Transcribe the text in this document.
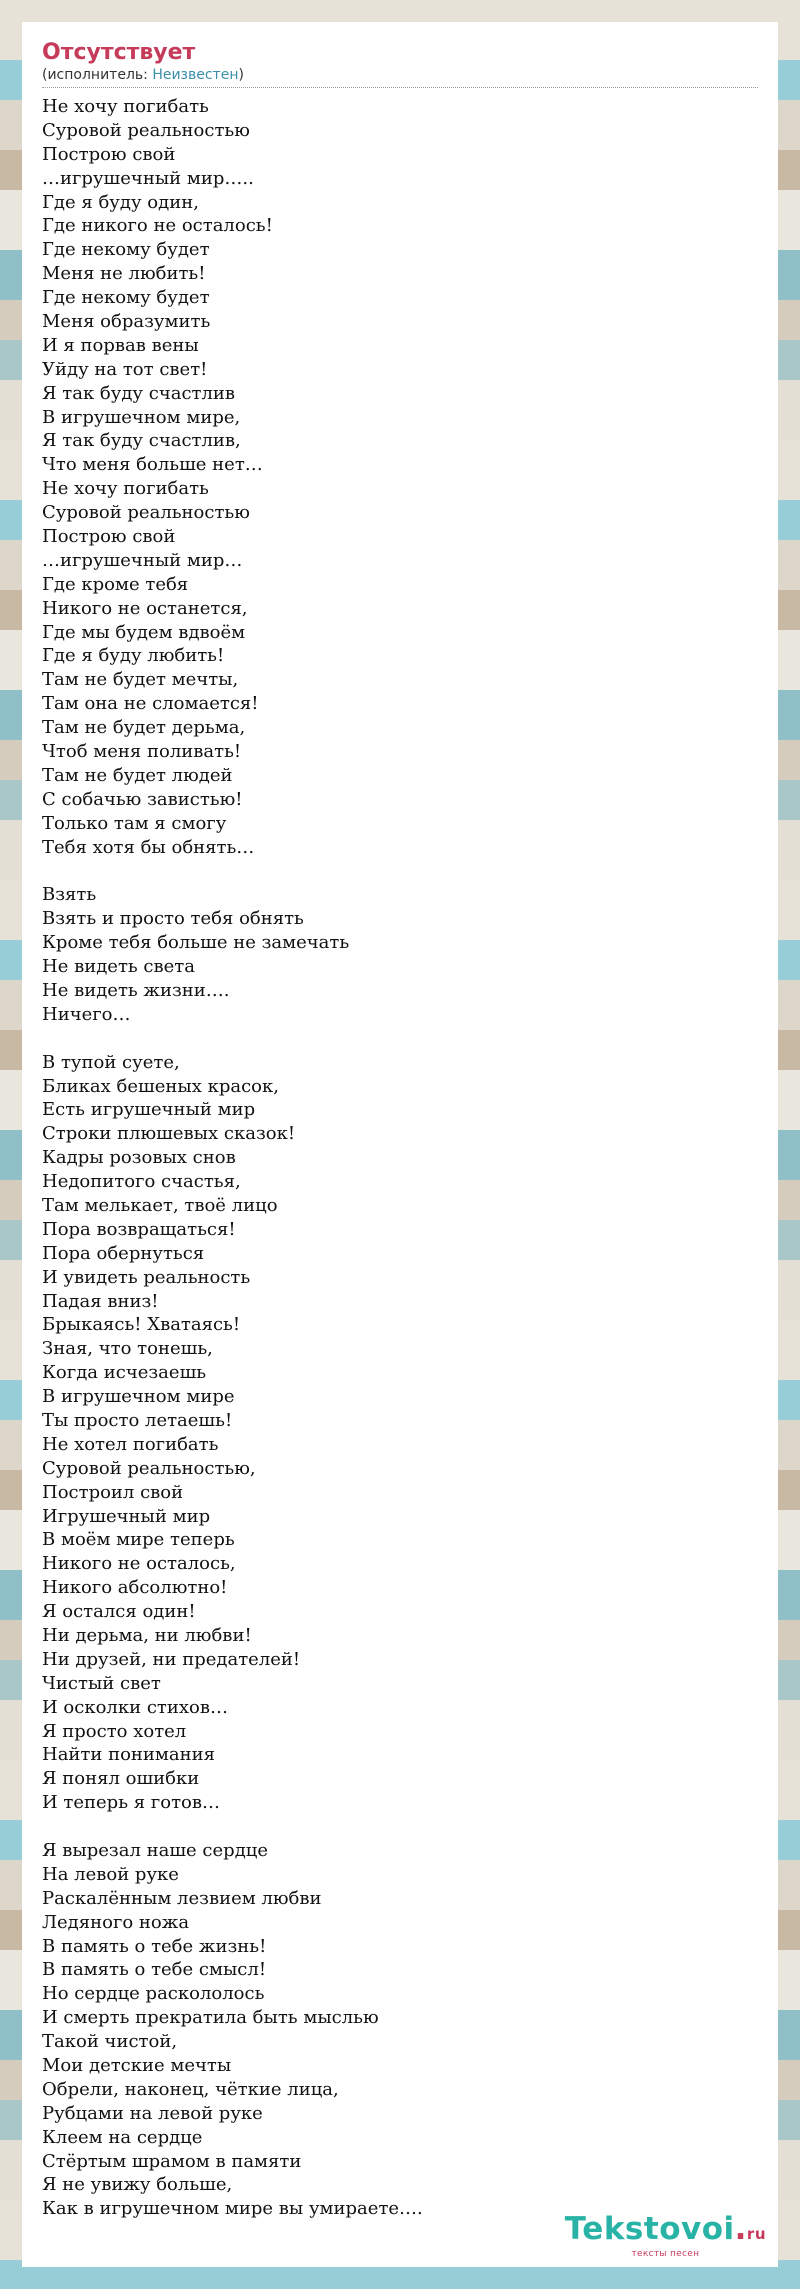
Отсутствует
(исполнитель: Неизвестен)
Не хочу погибать
Суровой реальностью
Построю свой
…игрушечный мир…..
Где я буду один,
Где никого не осталось!
Где некому будет
Меня не любить!
Где некому будет
Меня образумить
И я порвав вены
Уйду на тот свет!
Я так буду счастлив
В игрушечном мире,
Я так буду счастлив,
Что меня больше нет…
Не хочу погибать
Суровой реальностью
Построю свой
…игрушечный мир…
Где кроме тебя
Никого не останется,
Где мы будем вдвоём
Где я буду любить!
Там не будет мечты,
Там она не сломается!
Там не будет дерьма,
Чтоб меня поливать!
Там не будет людей
С собачью завистью!
Только там я смогу
Тебя хотя бы обнять…
Взять
Взять и просто тебя обнять
Кроме тебя больше не замечать
Не видеть света
Не видеть жизни….
Ничего…
В тупой суете,
Бликах бешеных красок,
Есть игрушечный мир
Строки плюшевых сказок!
Кадры розовых снов
Недопитого счастья,
Там мелькает, твоё лицо
Пора возвращаться!
Пора обернуться
И увидеть реальность
Падая вниз!
Брыкаясь! Хватаясь!
Зная, что тонешь,
Когда исчезаешь
В игрушечном мире
Ты просто летаешь!
Не хотел погибать
Суровой реальностью,
Построил свой
Игрушечный мир
В моём мире теперь
Никого не осталось,
Никого абсолютно!
Я остался один!
Ни дерьма, ни любви!
Ни друзей, ни предателей!
Чистый свет
И осколки стихов…
Я просто хотел
Найти понимания
Я понял ошибки
И теперь я готов…
Я вырезал наше сердце
На левой руке
Раскалённым лезвием любви
Ледяного ножа
В память о тебе жизнь!
В память о тебе смысл!
Но сердце раскололось
И смерть прекратила быть мыслью
Такой чистой,
Мои детские мечты
Обрели, наконец, чёткие лица,
Рубцами на левой руке
Клеем на сердце
Стёртым шрамом в памяти
Я не увижу больше,
Как в игрушечном мире вы умираете….
Tekstovoi.ru
тексты песен
